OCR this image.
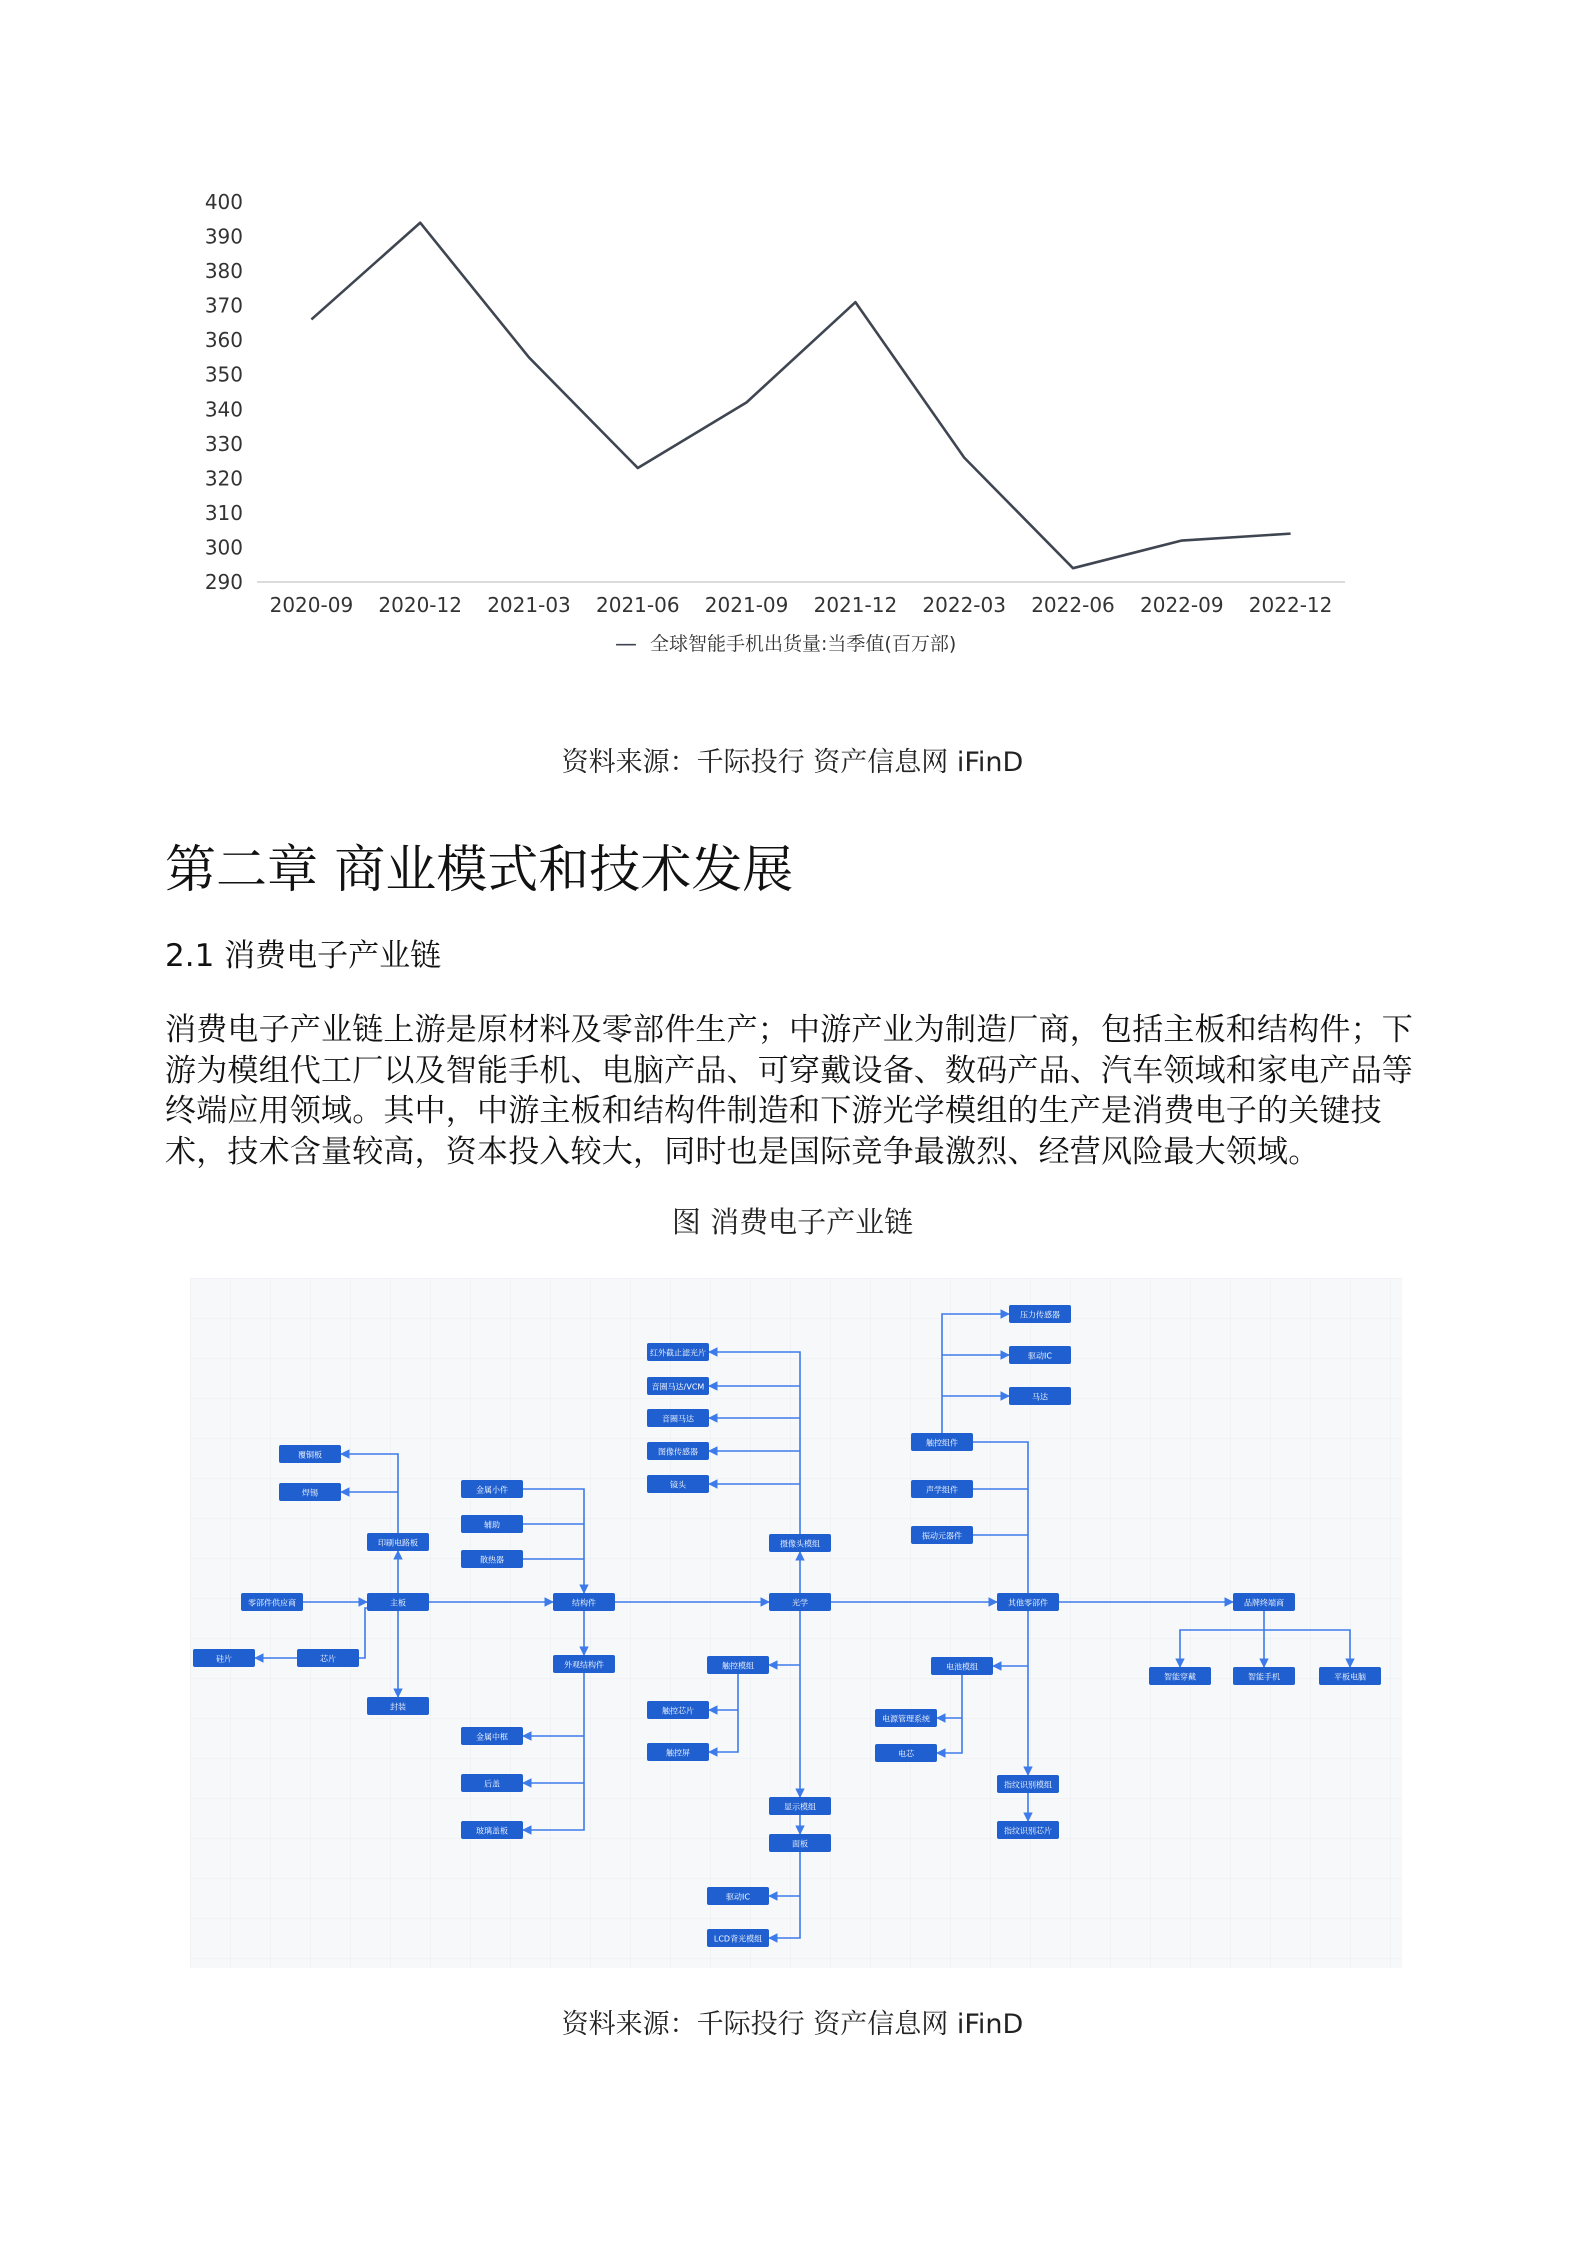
290
300
310
320
330
340
350
360
370
380
390
400
2020-09 2020-12 2021-03 2021-06 2021-09 2021-12 2022-03 2022-06 2022-09 2022-12
— 全球智能手机出货量:当季值(百万部)
资料来源：千际投行 资产信息网 iFinD
第二章 商业模式和技术发展
2.1 消费电子产业链
消费电子产业链上游是原材料及零部件生产；中游产业为制造厂商，包括主板和结构件；下游为模组代工厂以及智能手机、电脑产品、可穿戴设备、数码产品、汽车领域和家电产品等终端应用领域。其中，中游主板和结构件制造和下游光学模组的生产是消费电子的关键技术，技术含量较高，资本投入较大，同时也是国际竞争最激烈、经营风险最大领域。
图 消费电子产业链
覆铜板
焊锡
印刷电路板
零部件供应商	主板
芯片
硅片
封装
金属小件
辅助
散热器
结构件
外观结构件
金属中框
后盖
玻璃盖板
红外截止滤光片
音圈马达/VCM
音圈马达
图像传感器
镜头
摄像头模组
光学
触控模组
触控芯片
触控屏
显示模组
面板
驱动IC
LCD背光模组
压力传感器
驱动IC
马达
触控组件
声学组件
振动元器件
其他零部件
电池模组
电源管理系统
电芯
指纹识别模组
指纹识别芯片
品牌终端商
智能穿戴	智能手机	平板电脑
资料来源：千际投行 资产信息网 iFinD
